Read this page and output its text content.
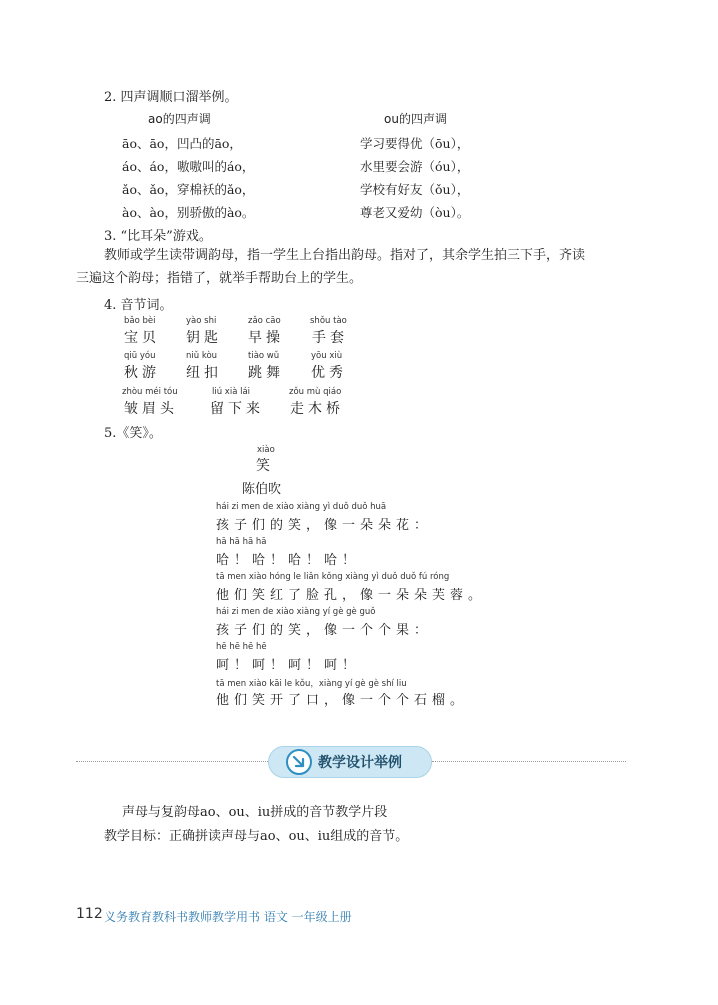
2. 四声调顺口溜举例。
ao的四声调	ou的四声调
āo、āo，凹凸的āo，
áo、áo，嗷嗷叫的áo，
ǎo、ǎo，穿棉袄的ǎo，
ào、ào，别骄傲的ào。
学习要得优（ōu），
水里要会游（óu），
学校有好友（ǒu），
尊老又爱幼（òu）。
3. “比耳朵”游戏。
教师或学生读带调韵母，指一学生上台指出韵母。指对了，其余学生拍三下手，齐读
三遍这个韵母；指错了，就举手帮助台上的学生。
4. 音节词。
bǎo bèi
宝贝
yào shi
钥匙
zǎo cāo
早操
shǒu tào
手套
qiū yóu
秋游
niǔ kòu
纽扣
tiào wǔ
跳舞
yōu xiù
优秀
zhòu méi tóu
皱眉头
liú xià lái
留下来
zǒu mù qiáo
走木桥
5.《笑》。
xiào
笑
陈伯吹
hái zi men de xiào xiàng yì duǒ duǒ huā
孩子们的笑，像一朵朵花：
hā hā hā hā
哈！哈！哈！哈！
tā men xiào hóng le liǎn kǒng xiàng yì duǒ duǒ fú róng
他们笑红了脸孔，像一朵朵芙蓉。
hái zi men de xiào xiàng yí gè gè guǒ
孩子们的笑，像一个个果：
hē hē hē hē
呵！呵！呵！呵！
tā men xiào kāi le kǒu，xiàng yí gè gè shí liu
他们笑开了口，像一个个石榴。
教学设计举例
声母与复韵母ao、ou、iu拼成的音节教学片段
教学目标：正确拼读声母与ao、ou、iu组成的音节。
112 义务教育教科书教师教学用书 语文 一年级上册
